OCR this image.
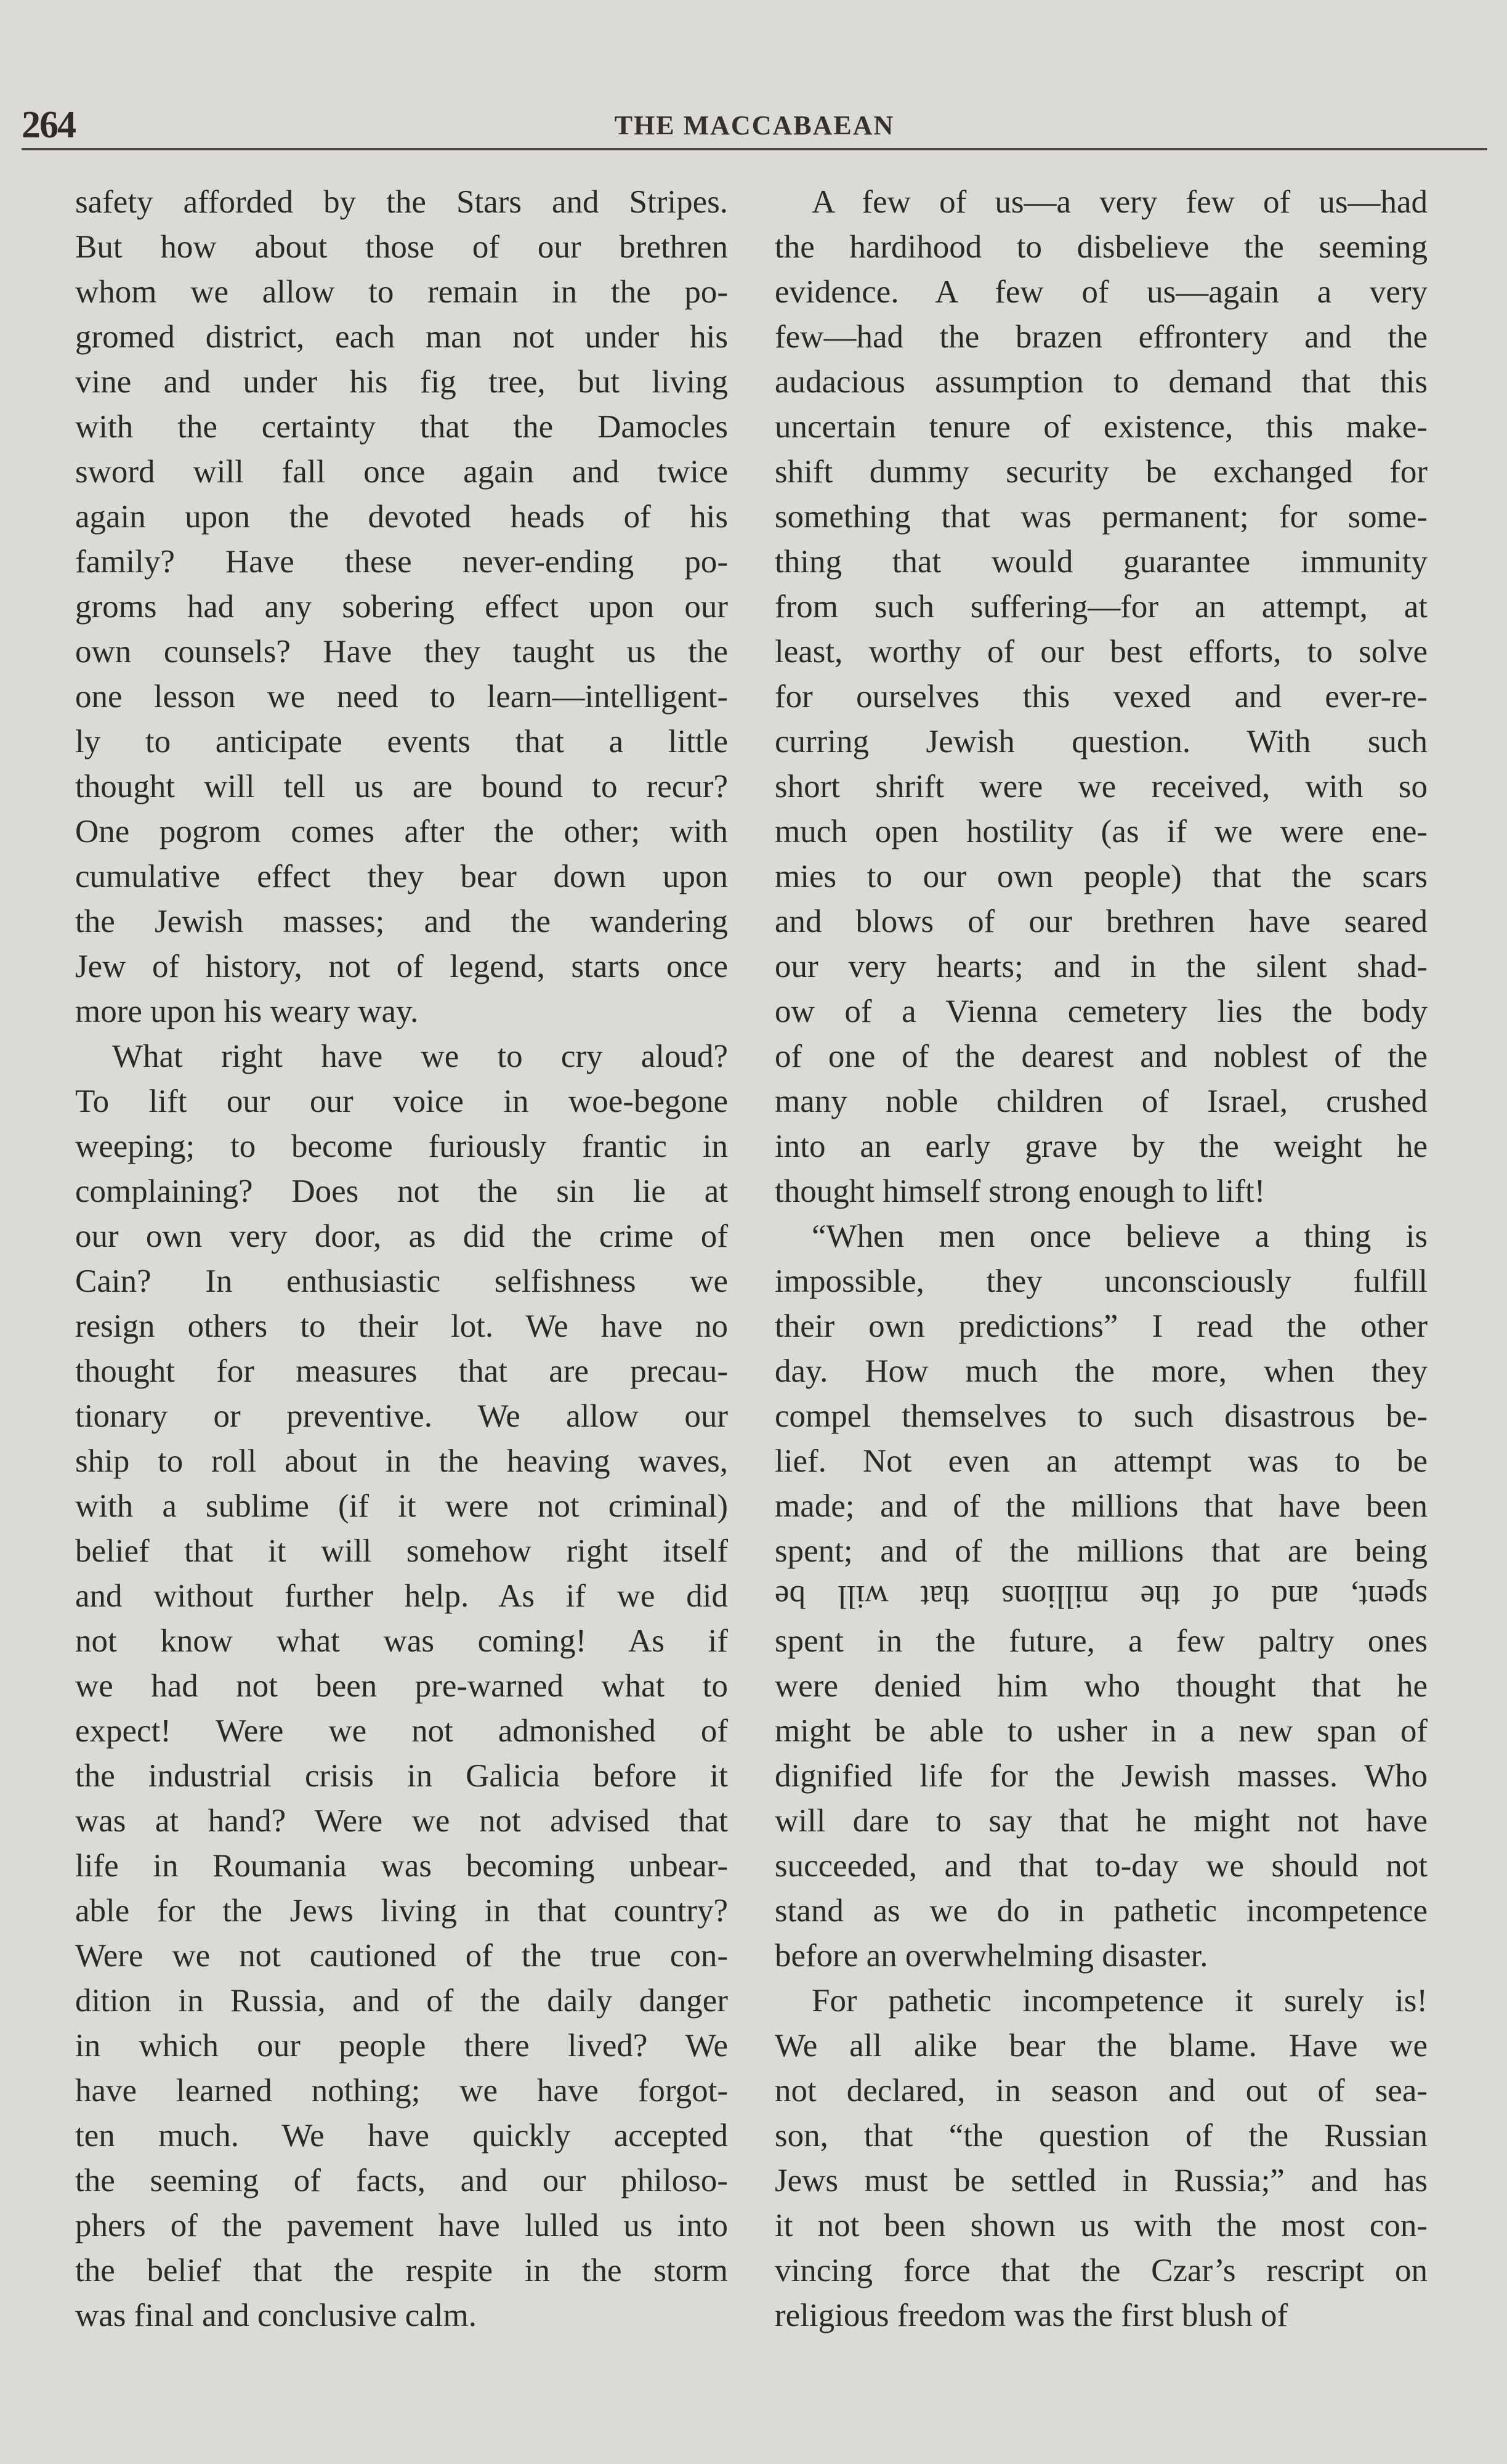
264	THE MACCABAEAN
safety afforded by the Stars and Stripes.
But how about those of our brethren
whom we allow to remain in the po-
gromed district, each man not under his
vine and under his fig tree, but living
with the certainty that the Damocles
sword will fall once again and twice
again upon the devoted heads of his
family? Have these never-ending po-
groms had any sobering effect upon our
own counsels? Have they taught us the
one lesson we need to learn—intelligent-
ly to anticipate events that a little
thought will tell us are bound to recur?
One pogrom comes after the other; with
cumulative effect they bear down upon
the Jewish masses; and the wandering
Jew of history, not of legend, starts once
more upon his weary way.
What right have we to cry aloud?
To lift our our voice in woe-begone
weeping; to become furiously frantic in
complaining? Does not the sin lie at
our own very door, as did the crime of
Cain? In enthusiastic selfishness we
resign others to their lot. We have no
thought for measures that are precau-
tionary or preventive. We allow our
ship to roll about in the heaving waves,
with a sublime (if it were not criminal)
belief that it will somehow right itself
and without further help. As if we did
not know what was coming! As if
we had not been pre-warned what to
expect! Were we not admonished of
the industrial crisis in Galicia before it
was at hand? Were we not advised that
life in Roumania was becoming unbear-
able for the Jews living in that country?
Were we not cautioned of the true con-
dition in Russia, and of the daily danger
in which our people there lived? We
have learned nothing; we have forgot-
ten much. We have quickly accepted
the seeming of facts, and our philoso-
phers of the pavement have lulled us into
the belief that the respite in the storm
was final and conclusive calm.
A few of us—a very few of us—had
the hardihood to disbelieve the seeming
evidence. A few of us—again a very
few—had the brazen effrontery and the
audacious assumption to demand that this
uncertain tenure of existence, this make-
shift dummy security be exchanged for
something that was permanent; for some-
thing that would guarantee immunity
from such suffering—for an attempt, at
least, worthy of our best efforts, to solve
for ourselves this vexed and ever-re-
curring Jewish question. With such
short shrift were we received, with so
much open hostility (as if we were ene-
mies to our own people) that the scars
and blows of our brethren have seared
our very hearts; and in the silent shad-
ow of a Vienna cemetery lies the body
of one of the dearest and noblest of the
many noble children of Israel, crushed
into an early grave by the weight he
thought himself strong enough to lift!
“When men once believe a thing is
impossible, they unconsciously fulfill
their own predictions” I read the other
day. How much the more, when they
compel themselves to such disastrous be-
lief. Not even an attempt was to be
made; and of the millions that have been
spent; and of the millions that are being
spent, and of the millions that will be
spent in the future, a few paltry ones
were denied him who thought that he
might be able to usher in a new span of
dignified life for the Jewish masses. Who
will dare to say that he might not have
succeeded, and that to-day we should not
stand as we do in pathetic incompetence
before an overwhelming disaster.
For pathetic incompetence it surely is!
We all alike bear the blame. Have we
not declared, in season and out of sea-
son, that “the question of the Russian
Jews must be settled in Russia;” and has
it not been shown us with the most con-
vincing force that the Czar’s rescript on
religious freedom was the first blush of
